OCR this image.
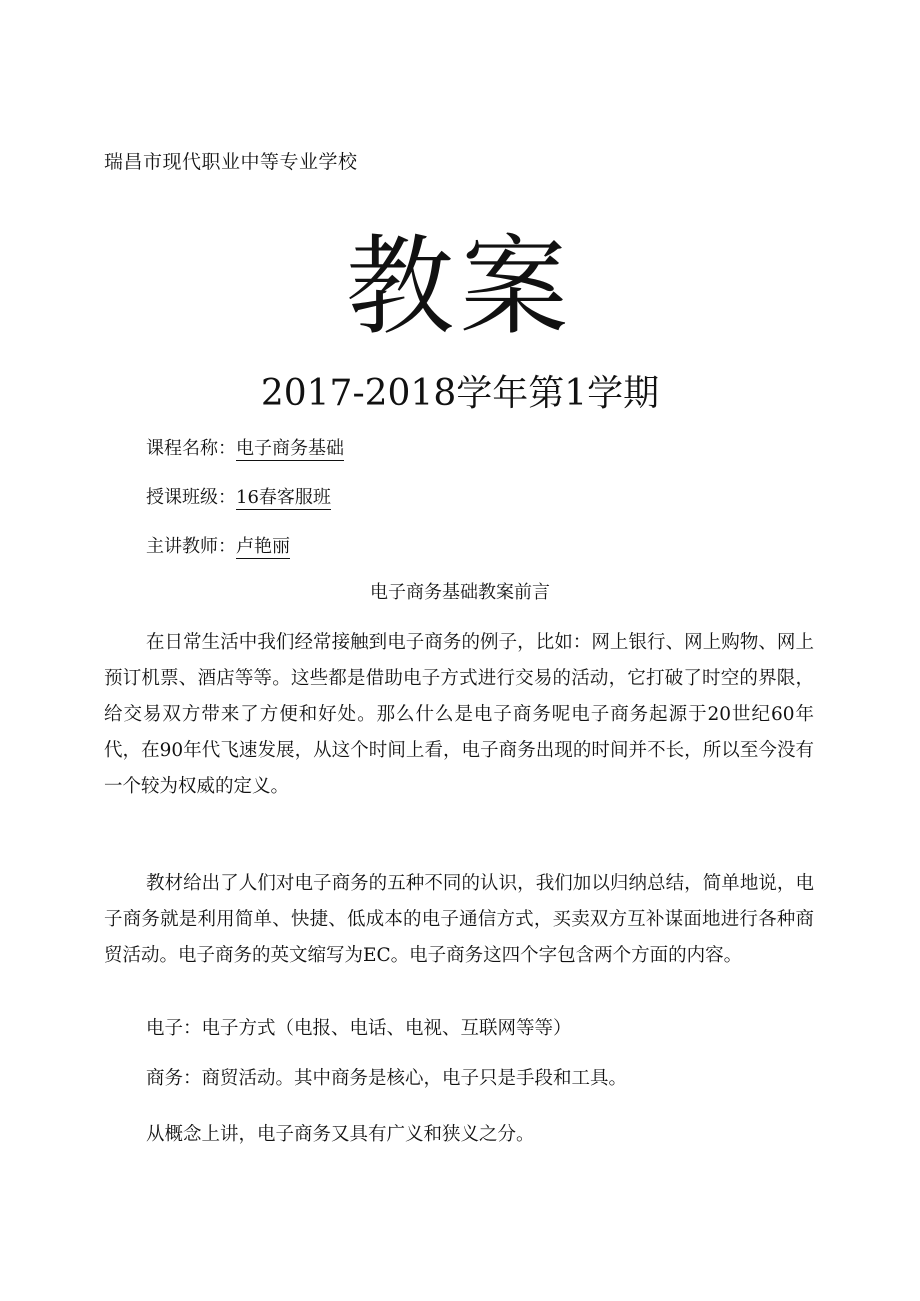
瑞昌市现代职业中等专业学校
教案
2017-2018学年第1学期
课程名称：电子商务基础
授课班级：16春客服班
主讲教师：卢艳丽
电子商务基础教案前言
在日常生活中我们经常接触到电子商务的例子，比如：网上银行、网上购物、网上预订机票、酒店等等。这些都是借助电子方式进行交易的活动，它打破了时空的界限，给交易双方带来了方便和好处。那么什么是电子商务呢电子商务起源于20世纪60年代，在90年代飞速发展，从这个时间上看，电子商务出现的时间并不长，所以至今没有一个较为权威的定义。
教材给出了人们对电子商务的五种不同的认识，我们加以归纳总结，简单地说，电子商务就是利用简单、快捷、低成本的电子通信方式，买卖双方互补谋面地进行各种商贸活动。电子商务的英文缩写为EC。电子商务这四个字包含两个方面的内容。
电子：电子方式（电报、电话、电视、互联网等等）
商务：商贸活动。其中商务是核心，电子只是手段和工具。
从概念上讲，电子商务又具有广义和狭义之分。
